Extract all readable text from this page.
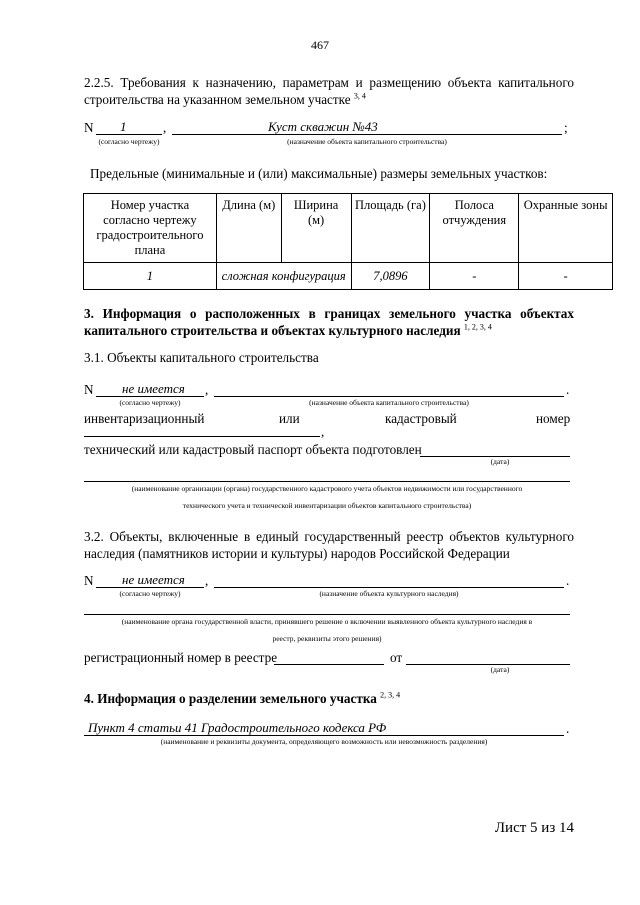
467
2.2.5. Требования к назначению, параметрам и размещению объекта капитального строительства на указанном земельном участке $^{3, 4}$
N 1
(согласно чертежу)
,	Куст скважин №43
(назначение объекта капитального строительства)
;
Предельные (минимальные и (или) максимальные) размеры земельных участков:
Номер участка согласно чертежу градостроительного плана	Длина (м)	Ширина (м)	Площадь (га)	Полоса отчуждения	Охранные зоны
1	сложная конфигурация		7,0896	-	-
3. Информация о расположенных в границах земельного участка объектах капитального строительства и объектах культурного наследия $^{1, 2, 3, 4}$
3.1. Объекты капитального строительства
N не имеется
(согласно чертежу)
,
(назначение объекта капитального строительства)
.
инвентаризационный	или	кадастровый	номер
,
технический или кадастровый паспорт объекта подготовлен
(дата)
(наименование организации (органа) государственного кадастрового учета объектов недвижимости или государственного
технического учета и технической инвентаризации объектов капитального строительства)
3.2. Объекты, включенные в единый государственный реестр объектов культурного наследия (памятников истории и культуры) народов Российской Федерации
N не имеется
(согласно чертежу)
,
(назначение объекта культурного наследия)
.
(наименование органа государственной власти, принявшего решение о включении выявленного объекта культурного наследия в
реестр, реквизиты этого решения)
регистрационный номер в реестре	от
(дата)
4. Информация о разделении земельного участка $^{2, 3, 4}$
Пункт 4 статьи 41 Градостроительного кодекса РФ	.
(наименование и реквизиты документа, определяющего возможность или невозможность разделения)
Лист 5 из 14
